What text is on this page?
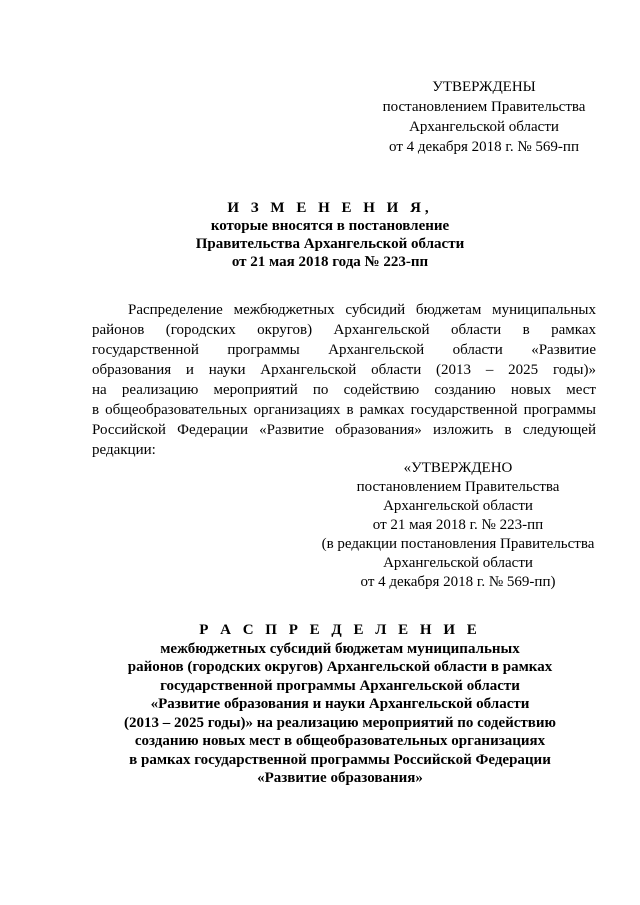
УТВЕРЖДЕНЫ
постановлением Правительства
Архангельской области
от 4 декабря 2018 г. № 569-пп
И З М Е Н Е Н И Я,
которые вносятся в постановление
Правительства Архангельской области
от 21 мая 2018 года № 223-пп
Распределение межбюджетных субсидий бюджетам муниципальных
районов (городских округов) Архангельской области в рамках
государственной программы Архангельской области «Развитие
образования и науки Архангельской области (2013 – 2025 годы)»
на реализацию мероприятий по содействию созданию новых мест
в общеобразовательных организациях в рамках государственной программы
Российской Федерации «Развитие образования» изложить в следующей
редакции:
«УТВЕРЖДЕНО
постановлением Правительства
Архангельской области
от 21 мая 2018 г. № 223-пп
(в редакции постановления Правительства
Архангельской области
от 4 декабря 2018 г. № 569-пп)
Р А С П Р Е Д Е Л Е Н И Е
межбюджетных субсидий бюджетам муниципальных
районов (городских округов) Архангельской области в рамках
государственной программы Архангельской области
«Развитие образования и науки Архангельской области
(2013 – 2025 годы)» на реализацию мероприятий по содействию
созданию новых мест в общеобразовательных организациях
в рамках государственной программы Российской Федерации
«Развитие образования»
